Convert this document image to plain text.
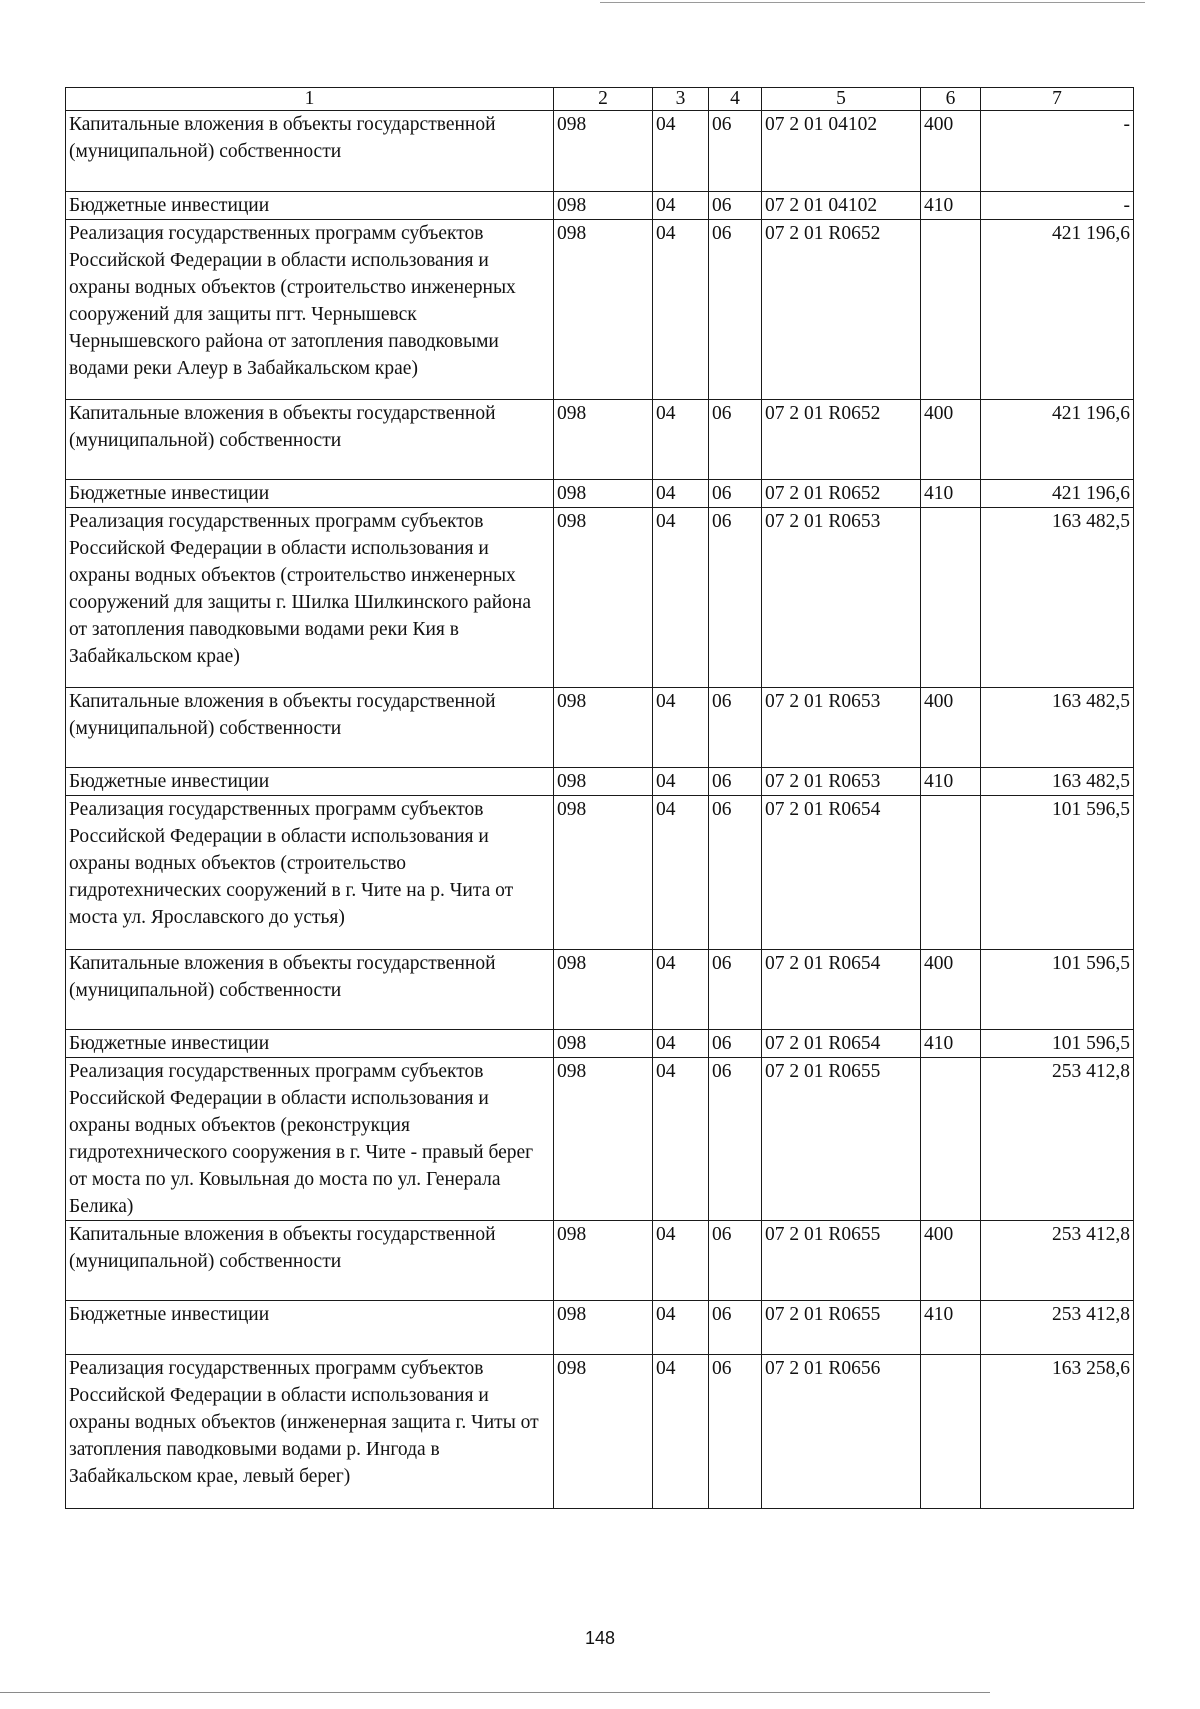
1	2	3	4	5	6	7
Капитальные вложения в объекты государственной (муниципальной) собственности	098	04	06	07 2 01 04102	400	-
Бюджетные инвестиции	098	04	06	07 2 01 04102	410	-
Реализация государственных программ субъектов Российской Федерации в области использования и охраны водных объектов (строительство инженерных сооружений для защиты пгт. Чернышевск Чернышевского района от затопления паводковыми водами реки Алеур в Забайкальском крае)	098	04	06	07 2 01 R0652		421 196,6
Капитальные вложения в объекты государственной (муниципальной) собственности	098	04	06	07 2 01 R0652	400	421 196,6
Бюджетные инвестиции	098	04	06	07 2 01 R0652	410	421 196,6
Реализация государственных программ субъектов Российской Федерации в области использования и охраны водных объектов (строительство инженерных сооружений для защиты г. Шилка Шилкинского района от затопления паводковыми водами реки Кия в Забайкальском крае)	098	04	06	07 2 01 R0653		163 482,5
Капитальные вложения в объекты государственной (муниципальной) собственности	098	04	06	07 2 01 R0653	400	163 482,5
Бюджетные инвестиции	098	04	06	07 2 01 R0653	410	163 482,5
Реализация государственных программ субъектов Российской Федерации в области использования и охраны водных объектов (строительство гидротехнических сооружений в г. Чите на р. Чита от моста ул. Ярославского до устья)	098	04	06	07 2 01 R0654		101 596,5
Капитальные вложения в объекты государственной (муниципальной) собственности	098	04	06	07 2 01 R0654	400	101 596,5
Бюджетные инвестиции	098	04	06	07 2 01 R0654	410	101 596,5
Реализация государственных программ субъектов Российской Федерации в области использования и охраны водных объектов (реконструкция гидротехнического сооружения в г. Чите - правый берег от моста по ул. Ковыльная до моста по ул. Генерала Белика)	098	04	06	07 2 01 R0655		253 412,8
Капитальные вложения в объекты государственной (муниципальной) собственности	098	04	06	07 2 01 R0655	400	253 412,8
Бюджетные инвестиции	098	04	06	07 2 01 R0655	410	253 412,8
Реализация государственных программ субъектов Российской Федерации в области использования и охраны водных объектов (инженерная защита г. Читы от затопления паводковыми водами р. Ингода в Забайкальском крае, левый берег)	098	04	06	07 2 01 R0656		163 258,6
148
